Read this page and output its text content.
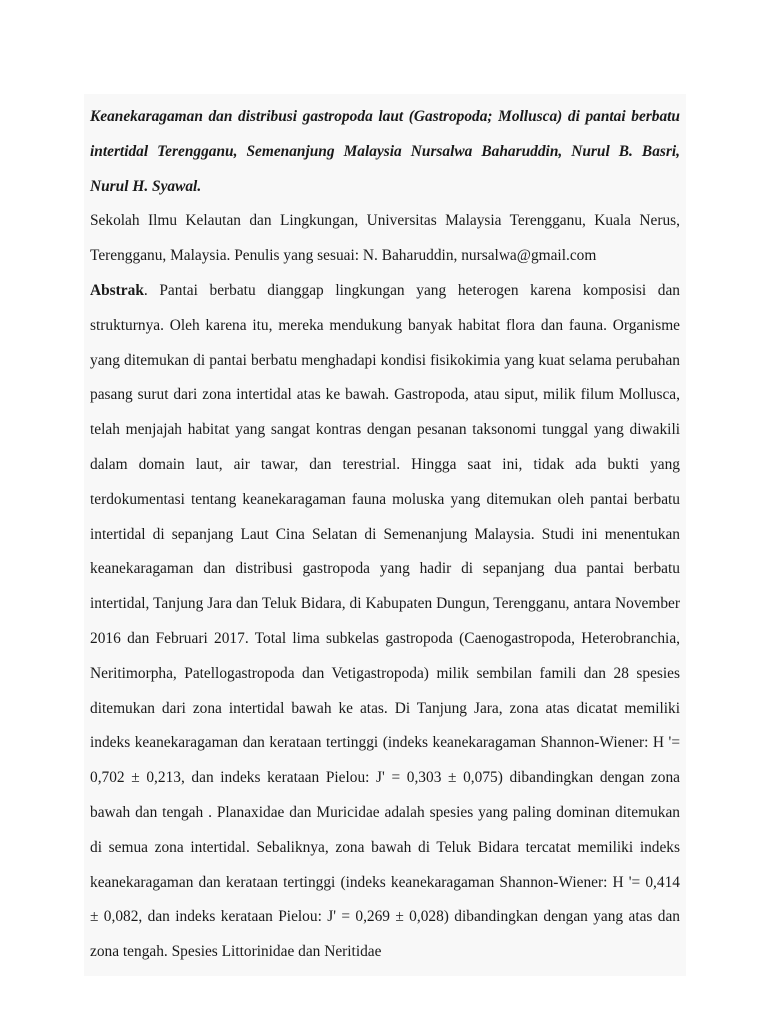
Keanekaragaman dan distribusi gastropoda laut (Gastropoda; Mollusca) di pantai berbatu intertidal Terengganu, Semenanjung Malaysia Nursalwa Baharuddin, Nurul B. Basri, Nurul H. Syawal.

Sekolah Ilmu Kelautan dan Lingkungan, Universitas Malaysia Terengganu, Kuala Nerus, Terengganu, Malaysia. Penulis yang sesuai: N. Baharuddin, nursalwa@gmail.com

Abstrak. Pantai berbatu dianggap lingkungan yang heterogen karena komposisi dan strukturnya. Oleh karena itu, mereka mendukung banyak habitat flora dan fauna. Organisme yang ditemukan di pantai berbatu menghadapi kondisi fisikokimia yang kuat selama perubahan pasang surut dari zona intertidal atas ke bawah. Gastropoda, atau siput, milik filum Mollusca, telah menjajah habitat yang sangat kontras dengan pesanan taksonomi tunggal yang diwakili dalam domain laut, air tawar, dan terestrial. Hingga saat ini, tidak ada bukti yang terdokumentasi tentang keanekaragaman fauna moluska yang ditemukan oleh pantai berbatu intertidal di sepanjang Laut Cina Selatan di Semenanjung Malaysia. Studi ini menentukan keanekaragaman dan distribusi gastropoda yang hadir di sepanjang dua pantai berbatu intertidal, Tanjung Jara dan Teluk Bidara, di Kabupaten Dungun, Terengganu, antara November 2016 dan Februari 2017. Total lima subkelas gastropoda (Caenogastropoda, Heterobranchia, Neritimorpha, Patellogastropoda dan Vetigastropoda) milik sembilan famili dan 28 spesies ditemukan dari zona intertidal bawah ke atas. Di Tanjung Jara, zona atas dicatat memiliki indeks keanekaragaman dan kerataan tertinggi (indeks keanekaragaman Shannon-Wiener: H '= 0,702 ± 0,213, dan indeks kerataan Pielou: J' = 0,303 ± 0,075) dibandingkan dengan zona bawah dan tengah . Planaxidae dan Muricidae adalah spesies yang paling dominan ditemukan di semua zona intertidal. Sebaliknya, zona bawah di Teluk Bidara tercatat memiliki indeks keanekaragaman dan kerataan tertinggi (indeks keanekaragaman Shannon-Wiener: H '= 0,414 ± 0,082, dan indeks kerataan Pielou: J' = 0,269 ± 0,028) dibandingkan dengan yang atas dan zona tengah. Spesies Littorinidae dan Neritidae
